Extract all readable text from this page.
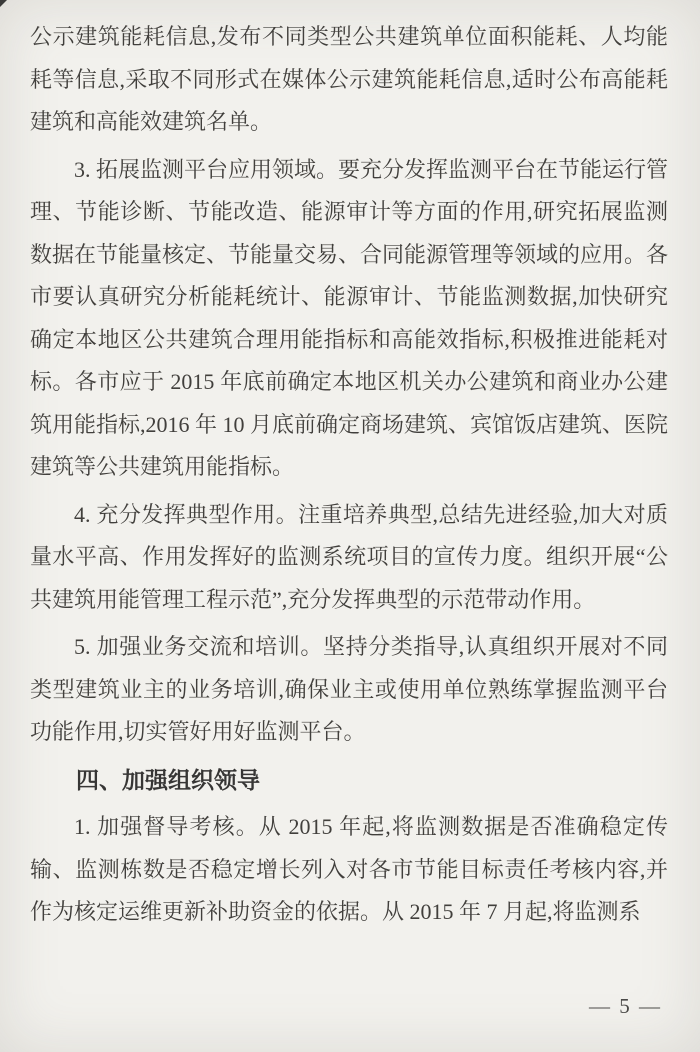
公示建筑能耗信息,发布不同类型公共建筑单位面积能耗、人均能耗等信息,采取不同形式在媒体公示建筑能耗信息,适时公布高能耗建筑和高能效建筑名单。

3. 拓展监测平台应用领域。要充分发挥监测平台在节能运行管理、节能诊断、节能改造、能源审计等方面的作用,研究拓展监测数据在节能量核定、节能量交易、合同能源管理等领域的应用。各市要认真研究分析能耗统计、能源审计、节能监测数据,加快研究确定本地区公共建筑合理用能指标和高能效指标,积极推进能耗对标。各市应于 2015 年底前确定本地区机关办公建筑和商业办公建筑用能指标,2016 年 10 月底前确定商场建筑、宾馆饭店建筑、医院建筑等公共建筑用能指标。

4. 充分发挥典型作用。注重培养典型,总结先进经验,加大对质量水平高、作用发挥好的监测系统项目的宣传力度。组织开展“公共建筑用能管理工程示范”,充分发挥典型的示范带动作用。

5. 加强业务交流和培训。坚持分类指导,认真组织开展对不同类型建筑业主的业务培训,确保业主或使用单位熟练掌握监测平台功能作用,切实管好用好监测平台。

四、加强组织领导

1. 加强督导考核。从 2015 年起,将监测数据是否准确稳定传输、监测栋数是否稳定增长列入对各市节能目标责任考核内容,并作为核定运维更新补助资金的依据。从 2015 年 7 月起,将监测系

— 5 —
